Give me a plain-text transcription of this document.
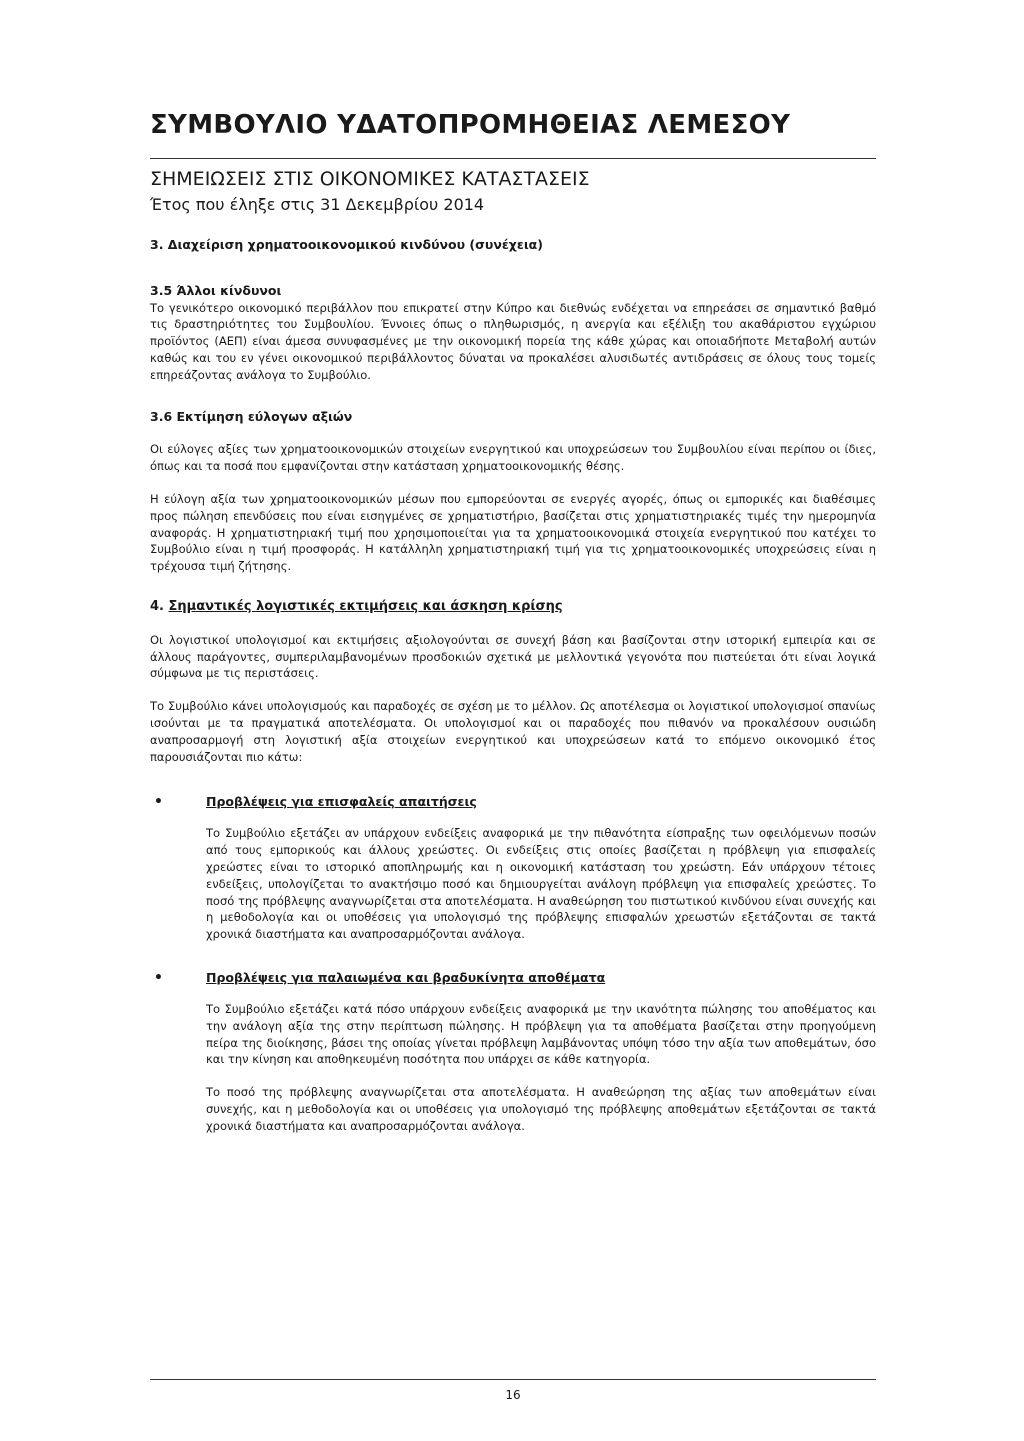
ΣΥΜΒΟΥΛΙΟ ΥΔΑΤΟΠΡΟΜΗΘΕΙΑΣ ΛΕΜΕΣΟΥ
ΣΗΜΕΙΩΣΕΙΣ ΣΤΙΣ ΟΙΚΟΝΟΜΙΚΕΣ ΚΑΤΑΣΤΑΣΕΙΣ
Έτος που έληξε στις 31 Δεκεμβρίου 2014

3. Διαχείριση χρηματοοικονομικού κινδύνου (συνέχεια)

3.5 Άλλοι κίνδυνοι

Το γενικότερο οικονομικό περιβάλλον που επικρατεί στην Κύπρο και διεθνώς ενδέχεται να επηρεάσει σε σημαντικό βαθμό τις δραστηριότητες του Συμβουλίου. Έννοιες όπως ο πληθωρισμός, η ανεργία και εξέλιξη του ακαθάριστου εγχώριου προϊόντος (ΑΕΠ) είναι άμεσα συνυφασμένες με την οικονομική πορεία της κάθε χώρας και οποιαδήποτε Μεταβολή αυτών καθώς και του εν γένει οικονομικού περιβάλλοντος δύναται να προκαλέσει αλυσιδωτές αντιδράσεις σε όλους τους τομείς επηρεάζοντας ανάλογα το Συμβούλιο.

3.6 Εκτίμηση εύλογων αξιών

Οι εύλογες αξίες των χρηματοοικονομικών στοιχείων ενεργητικού και υποχρεώσεων του Συμβουλίου είναι περίπου οι ίδιες, όπως και τα ποσά που εμφανίζονται στην κατάσταση χρηματοοικονομικής θέσης.

Η εύλογη αξία των χρηματοοικονομικών μέσων που εμπορεύονται σε ενεργές αγορές, όπως οι εμπορικές και διαθέσιμες προς πώληση επενδύσεις που είναι εισηγμένες σε χρηματιστήριο, βασίζεται στις χρηματιστηριακές τιμές την ημερομηνία αναφοράς. Η χρηματιστηριακή τιμή που χρησιμοποιείται για τα χρηματοοικονομικά στοιχεία ενεργητικού που κατέχει το Συμβούλιο είναι η τιμή προσφοράς. Η κατάλληλη χρηματιστηριακή τιμή για τις χρηματοοικονομικές υποχρεώσεις είναι η τρέχουσα τιμή ζήτησης.

4. Σημαντικές λογιστικές εκτιμήσεις και άσκηση κρίσης

Οι λογιστικοί υπολογισμοί και εκτιμήσεις αξιολογούνται σε συνεχή βάση και βασίζονται στην ιστορική εμπειρία και σε άλλους παράγοντες, συμπεριλαμβανομένων προσδοκιών σχετικά με μελλοντικά γεγονότα που πιστεύεται ότι είναι λογικά σύμφωνα με τις περιστάσεις.

Το Συμβούλιο κάνει υπολογισμούς και παραδοχές σε σχέση με το μέλλον. Ως αποτέλεσμα οι λογιστικοί υπολογισμοί σπανίως ισούνται με τα πραγματικά αποτελέσματα. Οι υπολογισμοί και οι παραδοχές που πιθανόν να προκαλέσουν ουσιώδη αναπροσαρμογή στη λογιστική αξία στοιχείων ενεργητικού και υποχρεώσεων κατά το επόμενο οικονομικό έτος παρουσιάζονται πιο κάτω:

•	Προβλέψεις για επισφαλείς απαιτήσεις

Το Συμβούλιο εξετάζει αν υπάρχουν ενδείξεις αναφορικά με την πιθανότητα είσπραξης των οφειλόμενων ποσών από τους εμπορικούς και άλλους χρεώστες. Οι ενδείξεις στις οποίες βασίζεται η πρόβλεψη για επισφαλείς χρεώστες είναι το ιστορικό αποπληρωμής και η οικονομική κατάσταση του χρεώστη. Εάν υπάρχουν τέτοιες ενδείξεις, υπολογίζεται το ανακτήσιμο ποσό και δημιουργείται ανάλογη πρόβλεψη για επισφαλείς χρεώστες. Το ποσό της πρόβλεψης αναγνωρίζεται στα αποτελέσματα. Η αναθεώρηση του πιστωτικού κινδύνου είναι συνεχής και η μεθοδολογία και οι υποθέσεις για υπολογισμό της πρόβλεψης επισφαλών χρεωστών εξετάζονται σε τακτά χρονικά διαστήματα και αναπροσαρμόζονται ανάλογα.

•	Προβλέψεις για παλαιωμένα και βραδυκίνητα αποθέματα

Το Συμβούλιο εξετάζει κατά πόσο υπάρχουν ενδείξεις αναφορικά με την ικανότητα πώλησης του αποθέματος και την ανάλογη αξία της στην περίπτωση πώλησης. Η πρόβλεψη για τα αποθέματα βασίζεται στην προηγούμενη πείρα της διοίκησης, βάσει της οποίας γίνεται πρόβλεψη λαμβάνοντας υπόψη τόσο την αξία των αποθεμάτων, όσο και την κίνηση και αποθηκευμένη ποσότητα που υπάρχει σε κάθε κατηγορία.

Το ποσό της πρόβλεψης αναγνωρίζεται στα αποτελέσματα. Η αναθεώρηση της αξίας των αποθεμάτων είναι συνεχής, και η μεθοδολογία και οι υποθέσεις για υπολογισμό της πρόβλεψης αποθεμάτων εξετάζονται σε τακτά χρονικά διαστήματα και αναπροσαρμόζονται ανάλογα.

16
